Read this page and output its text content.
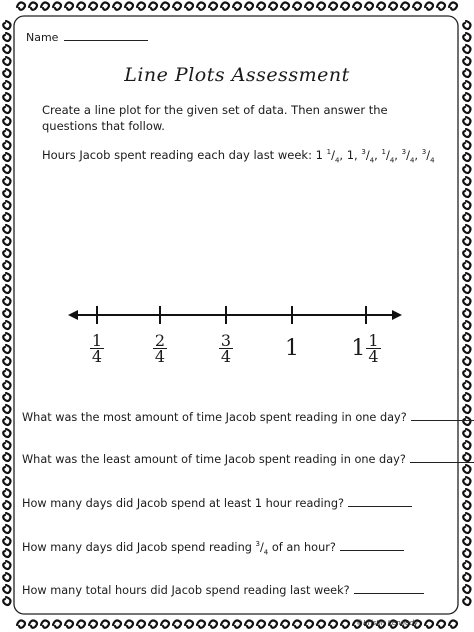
Name
Line Plots Assessment
Create a line plot for the given set of data. Then answer the questions that follow.
Hours Jacob spent reading each day last week: 1 $^1/_4$, 1, $^3/_4$, $^1/_4$, $^3/_4$, $^3/_4$
$\frac{1}{4}$	$\frac{2}{4}$	$\frac{3}{4}$	1	$1 \frac{1}{4}$
What was the most amount of time Jacob spent reading in one day?
What was the least amount of time Jacob spent reading in one day?
How many days did Jacob spend at least 1 hour reading?
How many days did Jacob spend reading $^3/_4$ of an hour?
How many total hours did Jacob spend reading last week?
©Kristin Kennedy
